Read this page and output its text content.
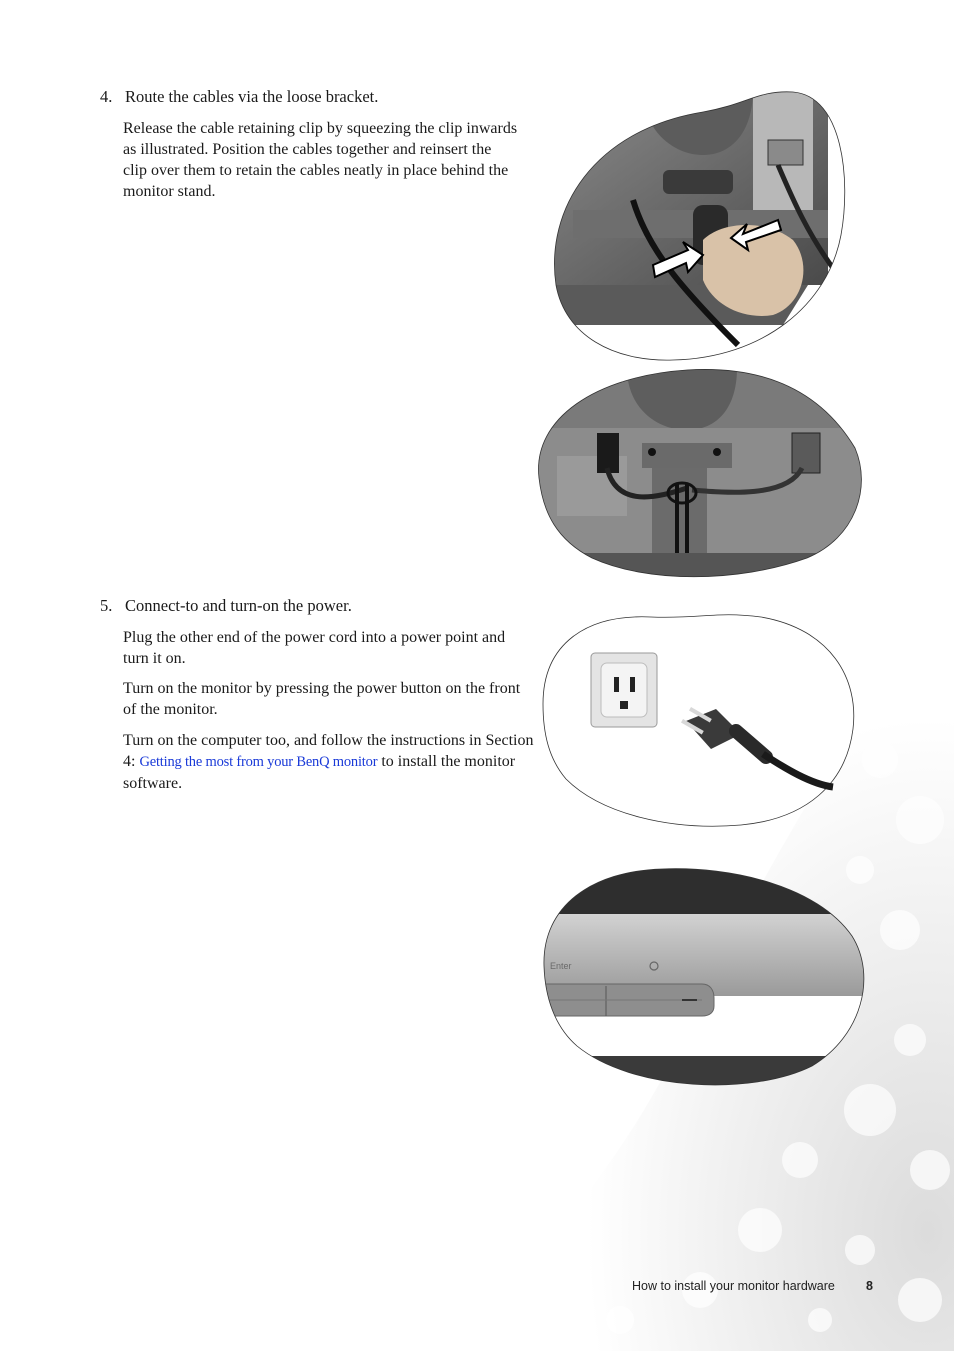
4. Route the cables via the loose bracket.

Release the cable retaining clip by squeezing the clip inwards as illustrated. Position the cables together and reinsert the clip over them to retain the cables neatly in place behind the monitor stand.

5. Connect-to and turn-on the power.

Plug the other end of the power cord into a power point and turn it on.

Turn on the monitor by pressing the power button on the front of the monitor.

Turn on the computer too, and follow the instructions in Section 4: Getting the most from your BenQ monitor to install the monitor software.

Enter
How to install your monitor hardware 8
